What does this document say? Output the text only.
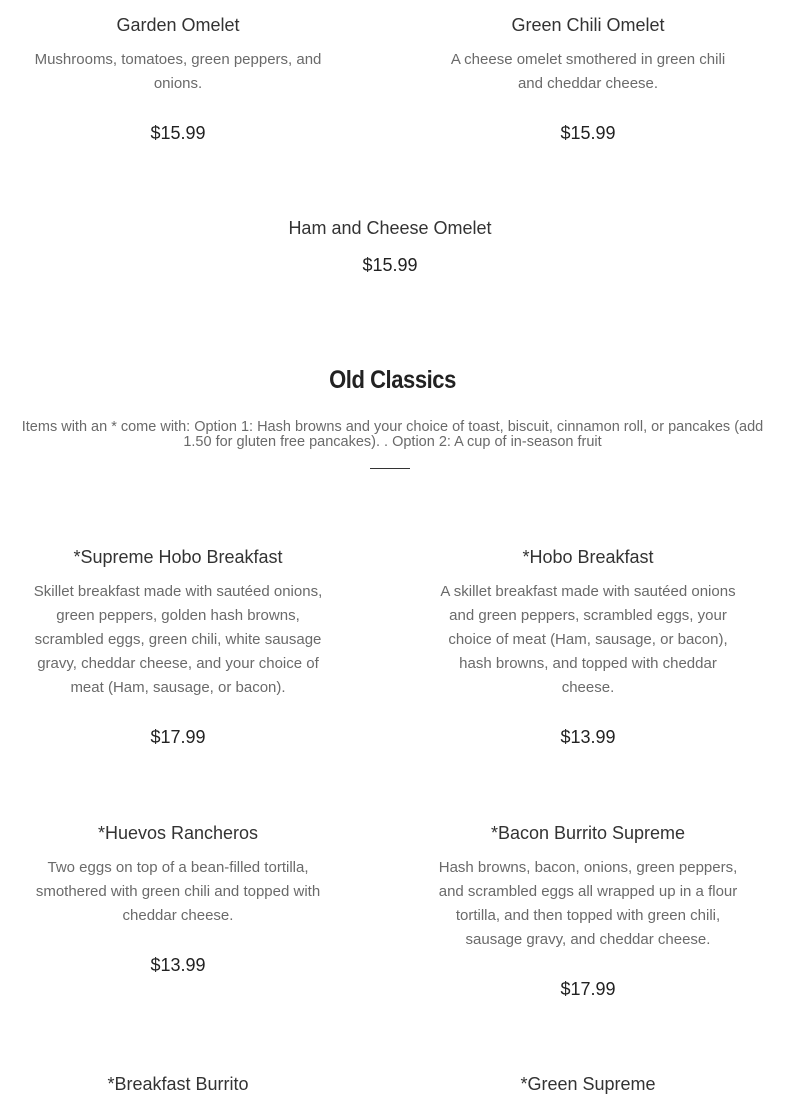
Garden Omelet
Mushrooms, tomatoes, green peppers, and onions.
$15.99
Green Chili Omelet
A cheese omelet smothered in green chili and cheddar cheese.
$15.99
Ham and Cheese Omelet
$15.99
Old Classics
Items with an * come with: Option 1: Hash browns and your choice of toast, biscuit, cinnamon roll, or pancakes (add 1.50 for gluten free pancakes). . Option 2: A cup of in-season fruit
*Supreme Hobo Breakfast
Skillet breakfast made with sautéed onions, green peppers, golden hash browns, scrambled eggs, green chili, white sausage gravy, cheddar cheese, and your choice of meat (Ham, sausage, or bacon).
$17.99
*Hobo Breakfast
A skillet breakfast made with sautéed onions and green peppers, scrambled eggs, your choice of meat (Ham, sausage, or bacon), hash browns, and topped with cheddar cheese.
$13.99
*Huevos Rancheros
Two eggs on top of a bean-filled tortilla, smothered with green chili and topped with cheddar cheese.
$13.99
*Bacon Burrito Supreme
Hash browns, bacon, onions, green peppers, and scrambled eggs all wrapped up in a flour tortilla, and then topped with green chili, sausage gravy, and cheddar cheese.
$17.99
*Breakfast Burrito	*Green Supreme
